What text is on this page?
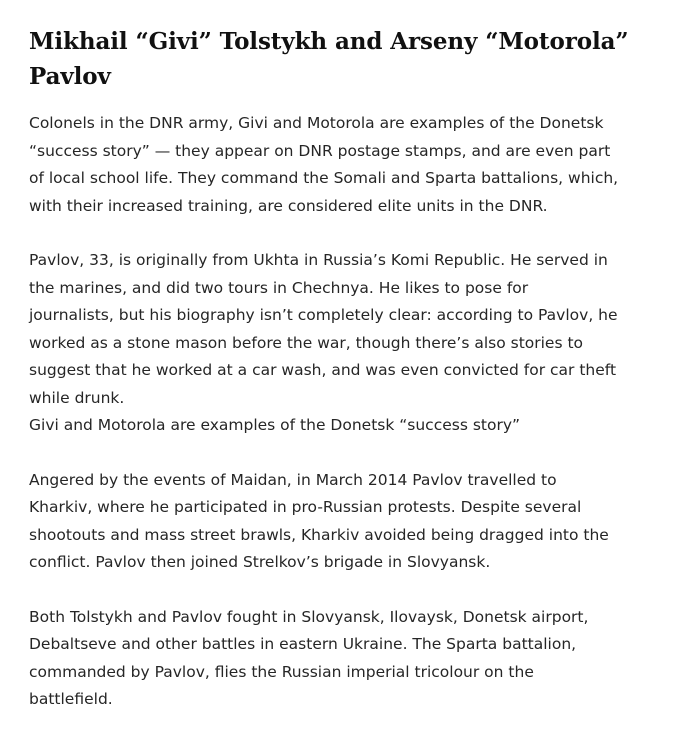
Mikhail “Givi” Tolstykh and Arseny “Motorola”
Pavlov

Colonels in the DNR army, Givi and Motorola are examples of the Donetsk
“success story” — they appear on DNR postage stamps, and are even part
of local school life. They command the Somali and Sparta battalions, which,
with their increased training, are considered elite units in the DNR.

Pavlov, 33, is originally from Ukhta in Russia’s Komi Republic. He served in
the marines, and did two tours in Chechnya. He likes to pose for
journalists, but his biography isn’t completely clear: according to Pavlov, he
worked as a stone mason before the war, though there’s also stories to
suggest that he worked at a car wash, and was even convicted for car theft
while drunk.
Givi and Motorola are examples of the Donetsk “success story”

Angered by the events of Maidan, in March 2014 Pavlov travelled to
Kharkiv, where he participated in pro-Russian protests. Despite several
shootouts and mass street brawls, Kharkiv avoided being dragged into the
conflict. Pavlov then joined Strelkov’s brigade in Slovyansk.

Both Tolstykh and Pavlov fought in Slovyansk, Ilovaysk, Donetsk airport,
Debaltseve and other battles in eastern Ukraine. The Sparta battalion,
commanded by Pavlov, flies the Russian imperial tricolour on the
battlefield.
